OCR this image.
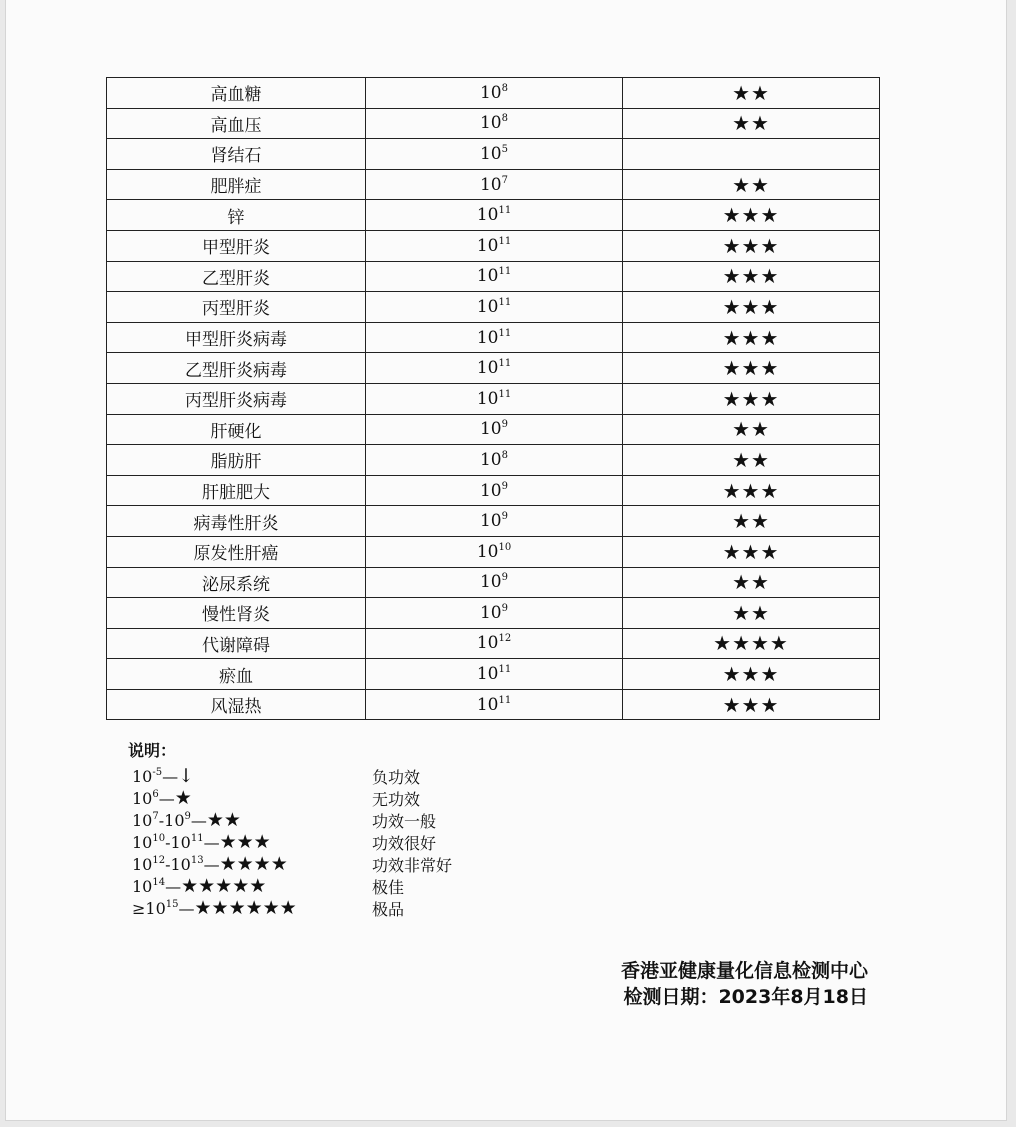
高血糖	$10^8$	★★
高血压	$10^8$	★★
肾结石	$10^5$	
肥胖症	$10^7$	★★
锌	$10^{11}$	★★★
甲型肝炎	$10^{11}$	★★★
乙型肝炎	$10^{11}$	★★★
丙型肝炎	$10^{11}$	★★★
甲型肝炎病毒	$10^{11}$	★★★
乙型肝炎病毒	$10^{11}$	★★★
丙型肝炎病毒	$10^{11}$	★★★
肝硬化	$10^9$	★★
脂肪肝	$10^8$	★★
肝脏肥大	$10^9$	★★★
病毒性肝炎	$10^9$	★★
原发性肝癌	$10^{10}$	★★★
泌尿系统	$10^9$	★★
慢性肾炎	$10^9$	★★
代谢障碍	$10^{12}$	★★★★
瘀血	$10^{11}$	★★★
风湿热	$10^{11}$	★★★
说明：
$10^{-5}—↓$	负功效
$10^6—★$	无功效
$10^7-10^9—★★$	功效一般
$10^{10}-10^{11}—★★★$	功效很好
$10^{12}-10^{13}—★★★★$	功效非常好
$10^{14}—★★★★★$	极佳
$\ge 10^{15}—★★★★★★$	极品
香港亚健康量化信息检测中心
检测日期：2023年8月18日
